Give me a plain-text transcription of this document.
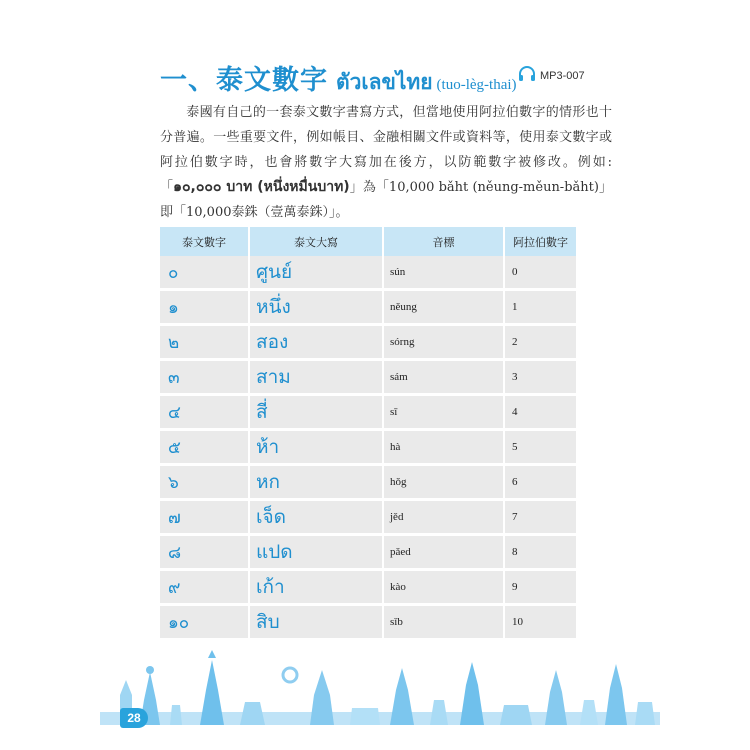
一、泰文數字 ตัวเลขไทย (tuo-lèg-thai)
MP3-007
泰國有自己的一套泰文數字書寫方式，但當地使用阿拉伯數字的情形也十分普遍。一些重要文件，例如帳目、金融相關文件或資料等，使用泰文數字或阿拉伯數字時，也會將數字大寫加在後方，以防範數字被修改。例如:「๑๐,๐๐๐ บาท (หนึ่งหมื่นบาท)」為「10,000 bǎht (něung-měun-bǎht)」即「10,000泰銖（壹萬泰銖）」。
泰文數字	泰文大寫	音標	阿拉伯數字
๐	ศูนย์	sún	0
๑	หนึ่ง	něung	1
๒	สอง	sórng	2
๓	สาม	sám	3
๔	สี่	sī	4
๕	ห้า	hà	5
๖	หก	hǒg	6
๗	เจ็ด	jěd	7
๘	แปด	pǎed	8
๙	เก้า	kào	9
๑๐	สิบ	sǐb	10
28
